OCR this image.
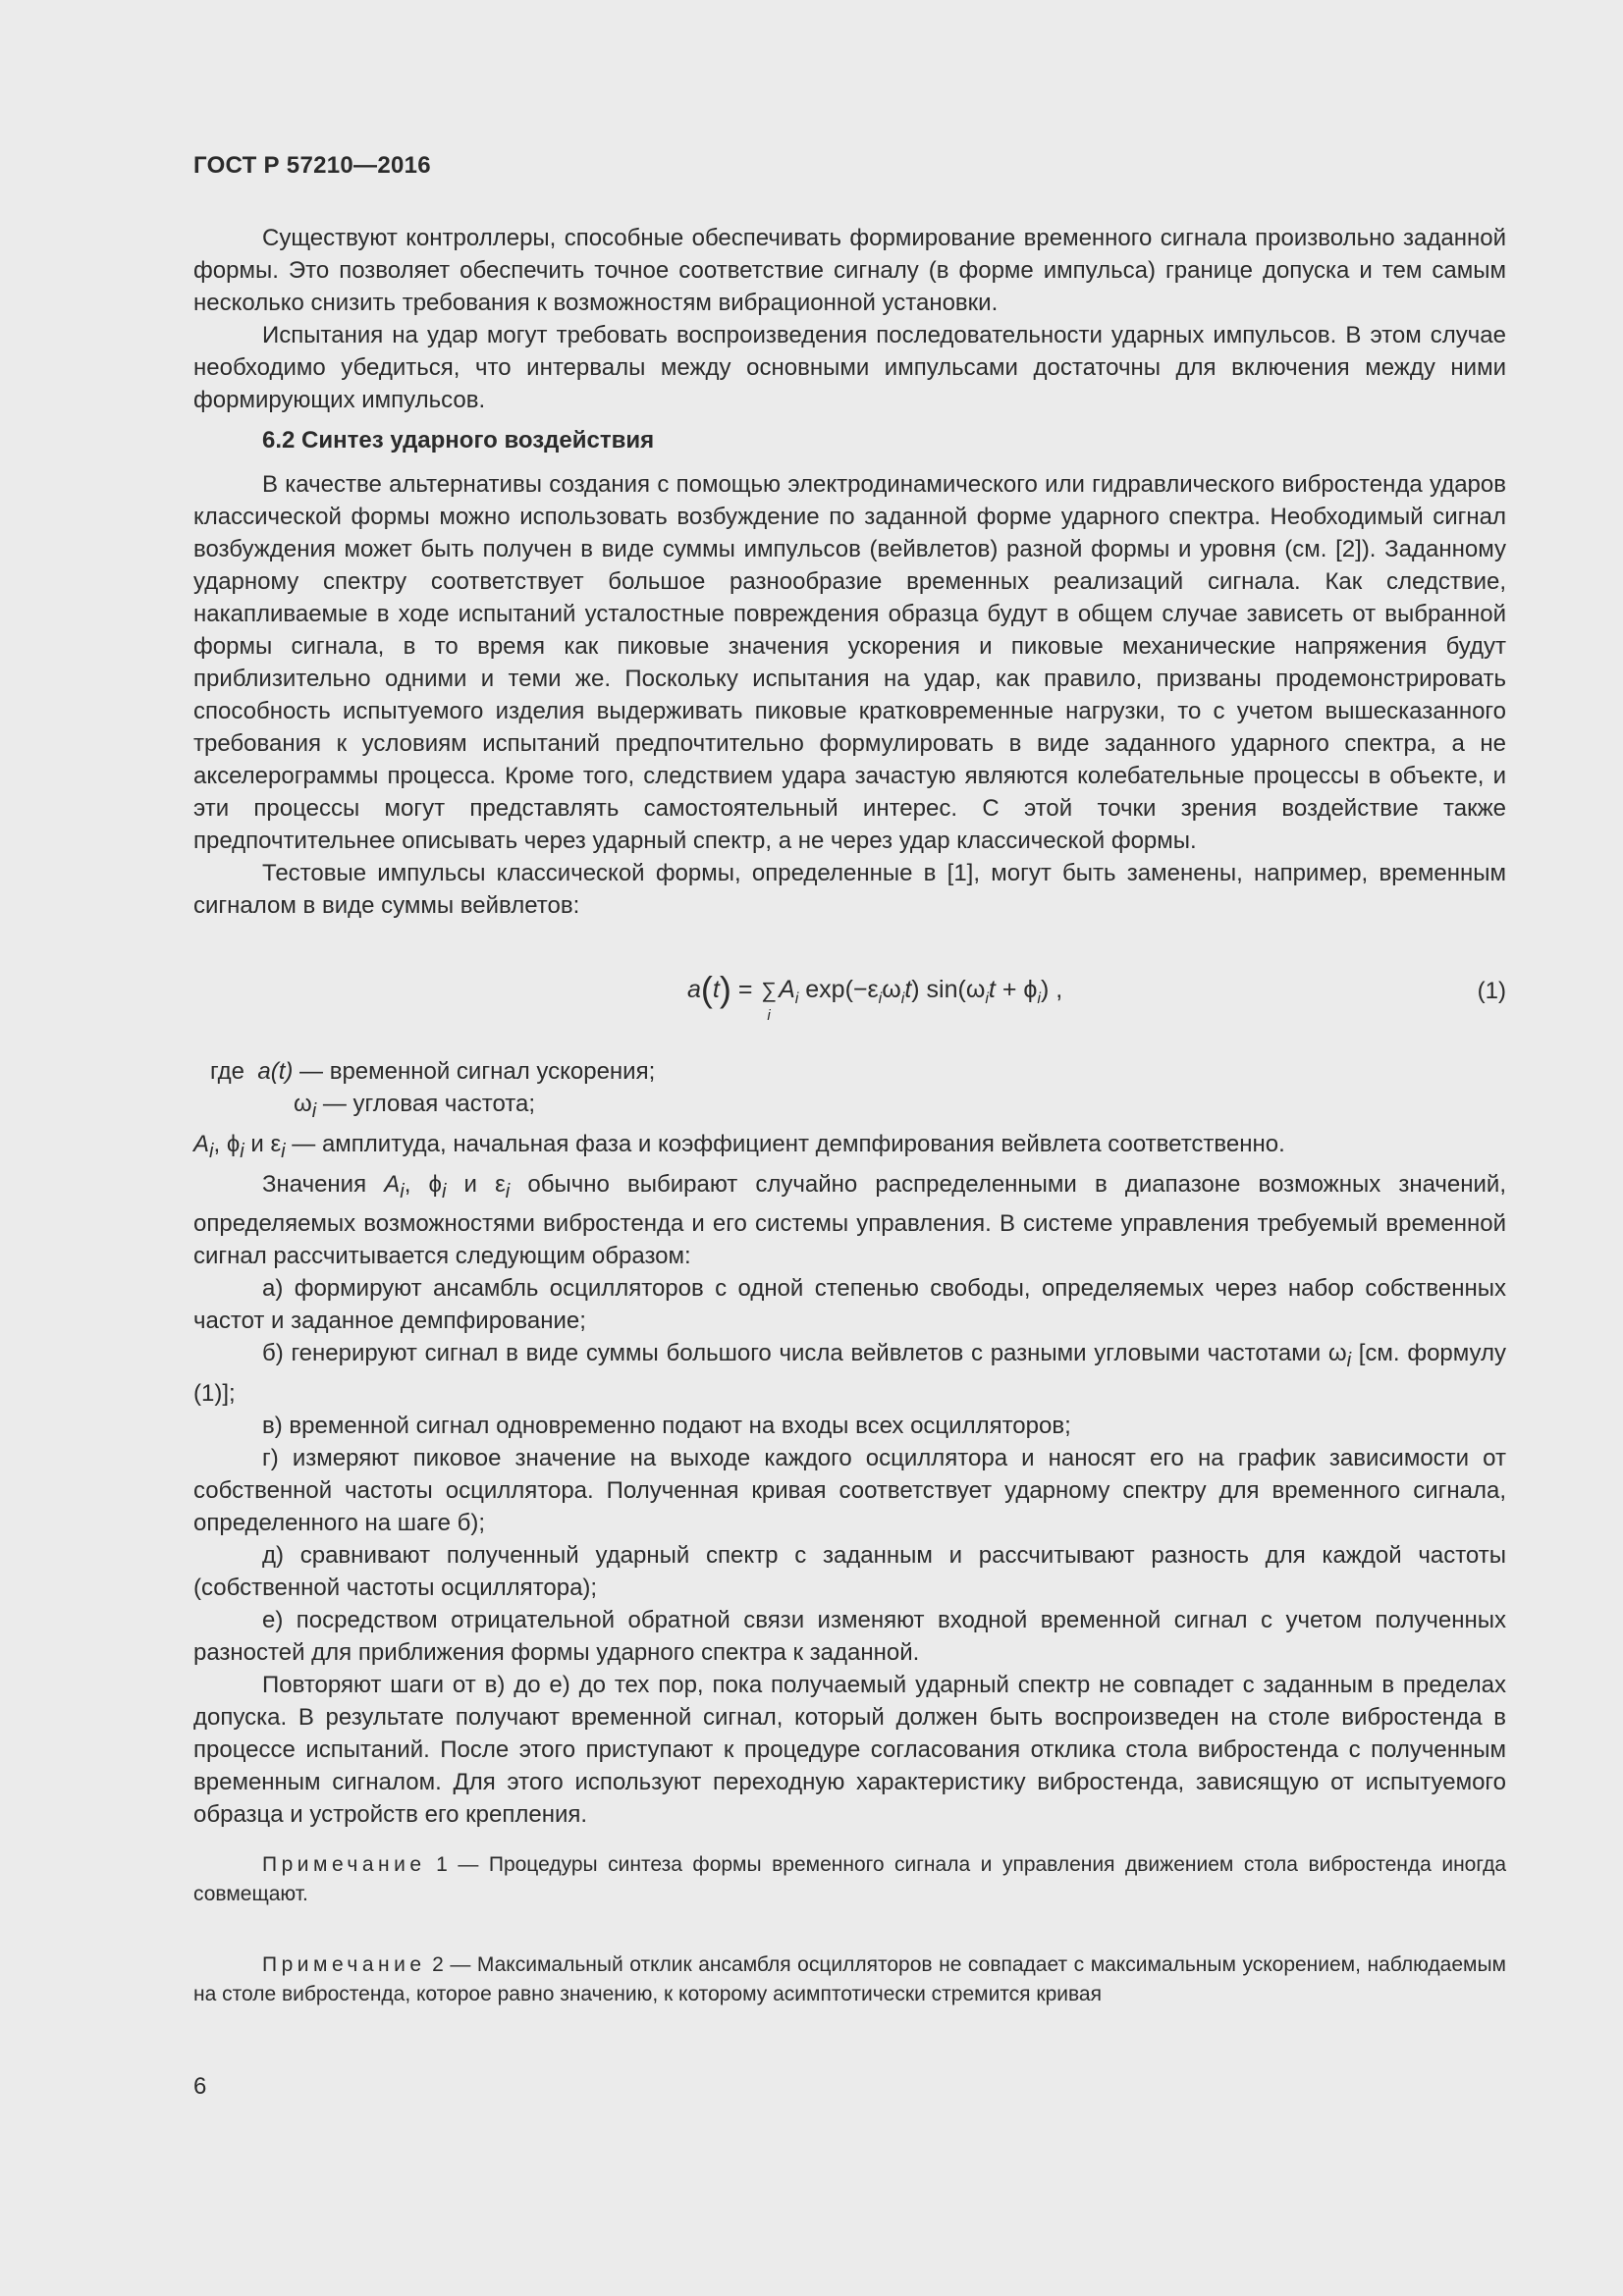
ГОСТ Р 57210—2016

Существуют контроллеры, способные обеспечивать формирование временного сигнала произвольно заданной формы. Это позволяет обеспечить точное соответствие сигналу (в форме импульса) границе допуска и тем самым несколько снизить требования к возможностям вибрационной установки.

Испытания на удар могут требовать воспроизведения последовательности ударных импульсов. В этом случае необходимо убедиться, что интервалы между основными импульсами достаточны для включения между ними формирующих импульсов.

6.2 Синтез ударного воздействия

В качестве альтернативы создания с помощью электродинамического или гидравлического вибростенда ударов классической формы можно использовать возбуждение по заданной форме ударного спектра. Необходимый сигнал возбуждения может быть получен в виде суммы импульсов (вейвлетов) разной формы и уровня (см. [2]). Заданному ударному спектру соответствует большое разнообразие временных реализаций сигнала. Как следствие, накапливаемые в ходе испытаний усталостные повреждения образца будут в общем случае зависеть от выбранной формы сигнала, в то время как пиковые значения ускорения и пиковые механические напряжения будут приблизительно одними и теми же. Поскольку испытания на удар, как правило, призваны продемонстрировать способность испытуемого изделия выдерживать пиковые кратковременные нагрузки, то с учетом вышесказанного требования к условиям испытаний предпочтительно формулировать в виде заданного ударного спектра, а не акселерограммы процесса. Кроме того, следствием удара зачастую являются колебательные процессы в объекте, и эти процессы могут представлять самостоятельный интерес. С этой точки зрения воздействие также предпочтительнее описывать через ударный спектр, а не через удар классической формы.

Тестовые импульсы классической формы, определенные в [1], могут быть заменены, например, временным сигналом в виде суммы вейвлетов:

a(t) = ∑
i
$A_i$ $\exp(-\varepsilon_i\omega_it) \sin(\omega_it + \phi_i)$ ,	(1)

где a(t) — временной сигнал ускорения;

$\omega_i$ — угловая частота;

$A_i$, $\phi_i$ и $\varepsilon_i$ — амплитуда, начальная фаза и коэффициент демпфирования вейвлета соответственно.

Значения $A_i$, $\phi_i$ и $\varepsilon_i$ обычно выбирают случайно распределенными в диапазоне возможных значений, определяемых возможностями вибростенда и его системы управления. В системе управления требуемый временной сигнал рассчитывается следующим образом:

а) формируют ансамбль осцилляторов с одной степенью свободы, определяемых через набор собственных частот и заданное демпфирование;

б) генерируют сигнал в виде суммы большого числа вейвлетов с разными угловыми частотами $\omega_i$ [см. формулу (1)];

в) временной сигнал одновременно подают на входы всех осцилляторов;

г) измеряют пиковое значение на выходе каждого осциллятора и наносят его на график зависимости от собственной частоты осциллятора. Полученная кривая соответствует ударному спектру для временного сигнала, определенного на шаге б);

д) сравнивают полученный ударный спектр с заданным и рассчитывают разность для каждой частоты (собственной частоты осциллятора);

е) посредством отрицательной обратной связи изменяют входной временной сигнал с учетом полученных разностей для приближения формы ударного спектра к заданной.

Повторяют шаги от в) до е) до тех пор, пока получаемый ударный спектр не совпадет с заданным в пределах допуска. В результате получают временной сигнал, который должен быть воспроизведен на столе вибростенда в процессе испытаний. После этого приступают к процедуре согласования отклика стола вибростенда с полученным временным сигналом. Для этого используют переходную характеристику вибростенда, зависящую от испытуемого образца и устройств его крепления.

Примечание 1 — Процедуры синтеза формы временного сигнала и управления движением стола вибростенда иногда совмещают.

Примечание 2 — Максимальный отклик ансамбля осцилляторов не совпадает с максимальным ускорением, наблюдаемым на столе вибростенда, которое равно значению, к которому асимптотически стремится кривая

6
